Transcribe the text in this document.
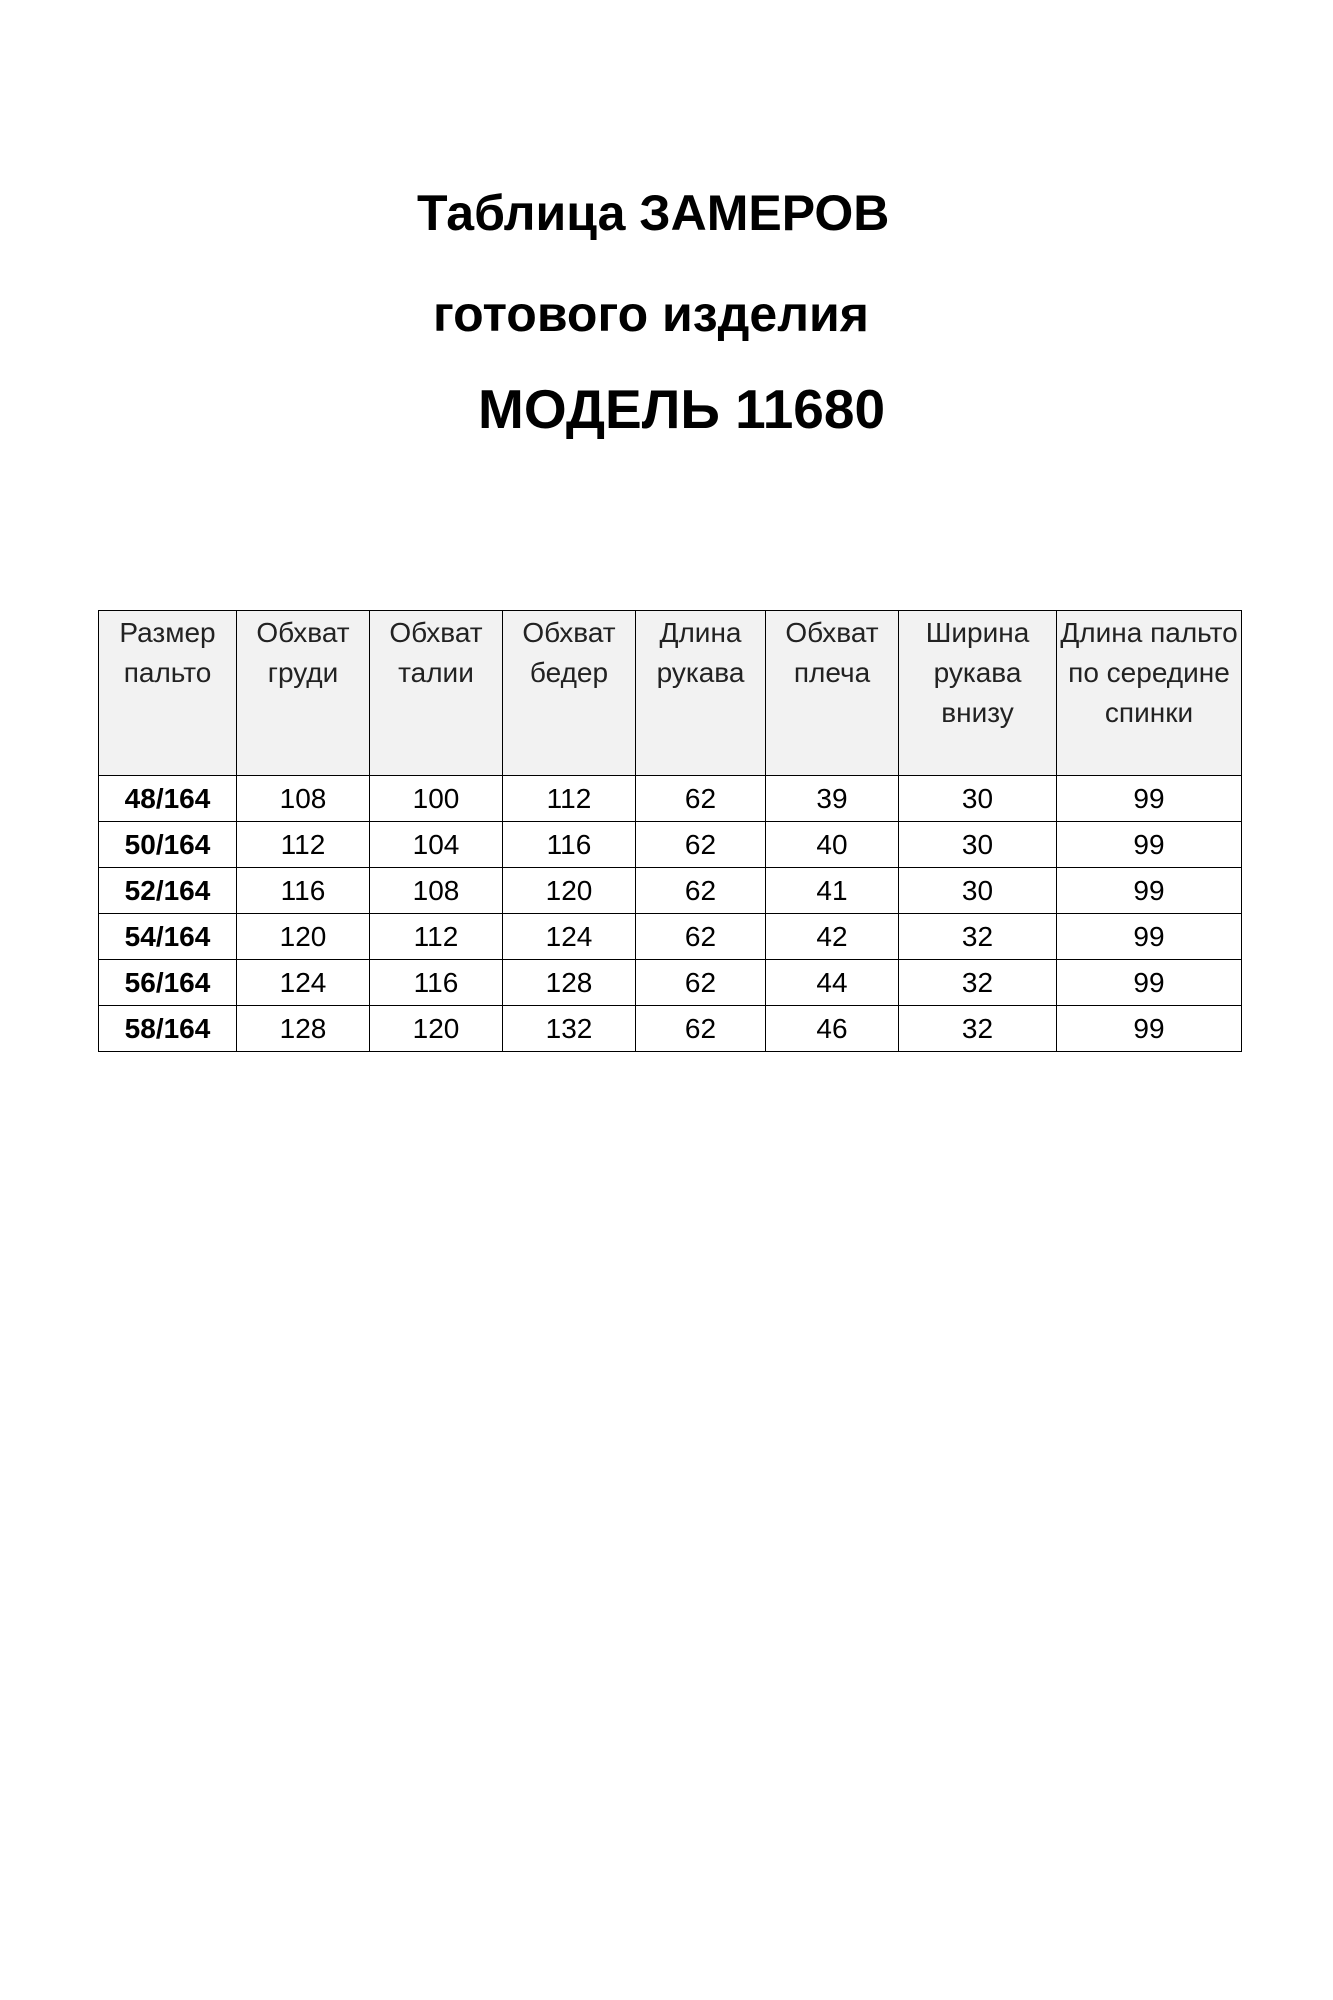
Таблица ЗАМЕРОВ
готового изделия
МОДЕЛЬ 11680
Размер пальто	Обхват груди	Обхват талии	Обхват бедер	Длина рукава	Обхват плеча	Ширина рукава внизу	Длина пальто по середине спинки
48/164	108	100	112	62	39	30	99
50/164	112	104	116	62	40	30	99
52/164	116	108	120	62	41	30	99
54/164	120	112	124	62	42	32	99
56/164	124	116	128	62	44	32	99
58/164	128	120	132	62	46	32	99
